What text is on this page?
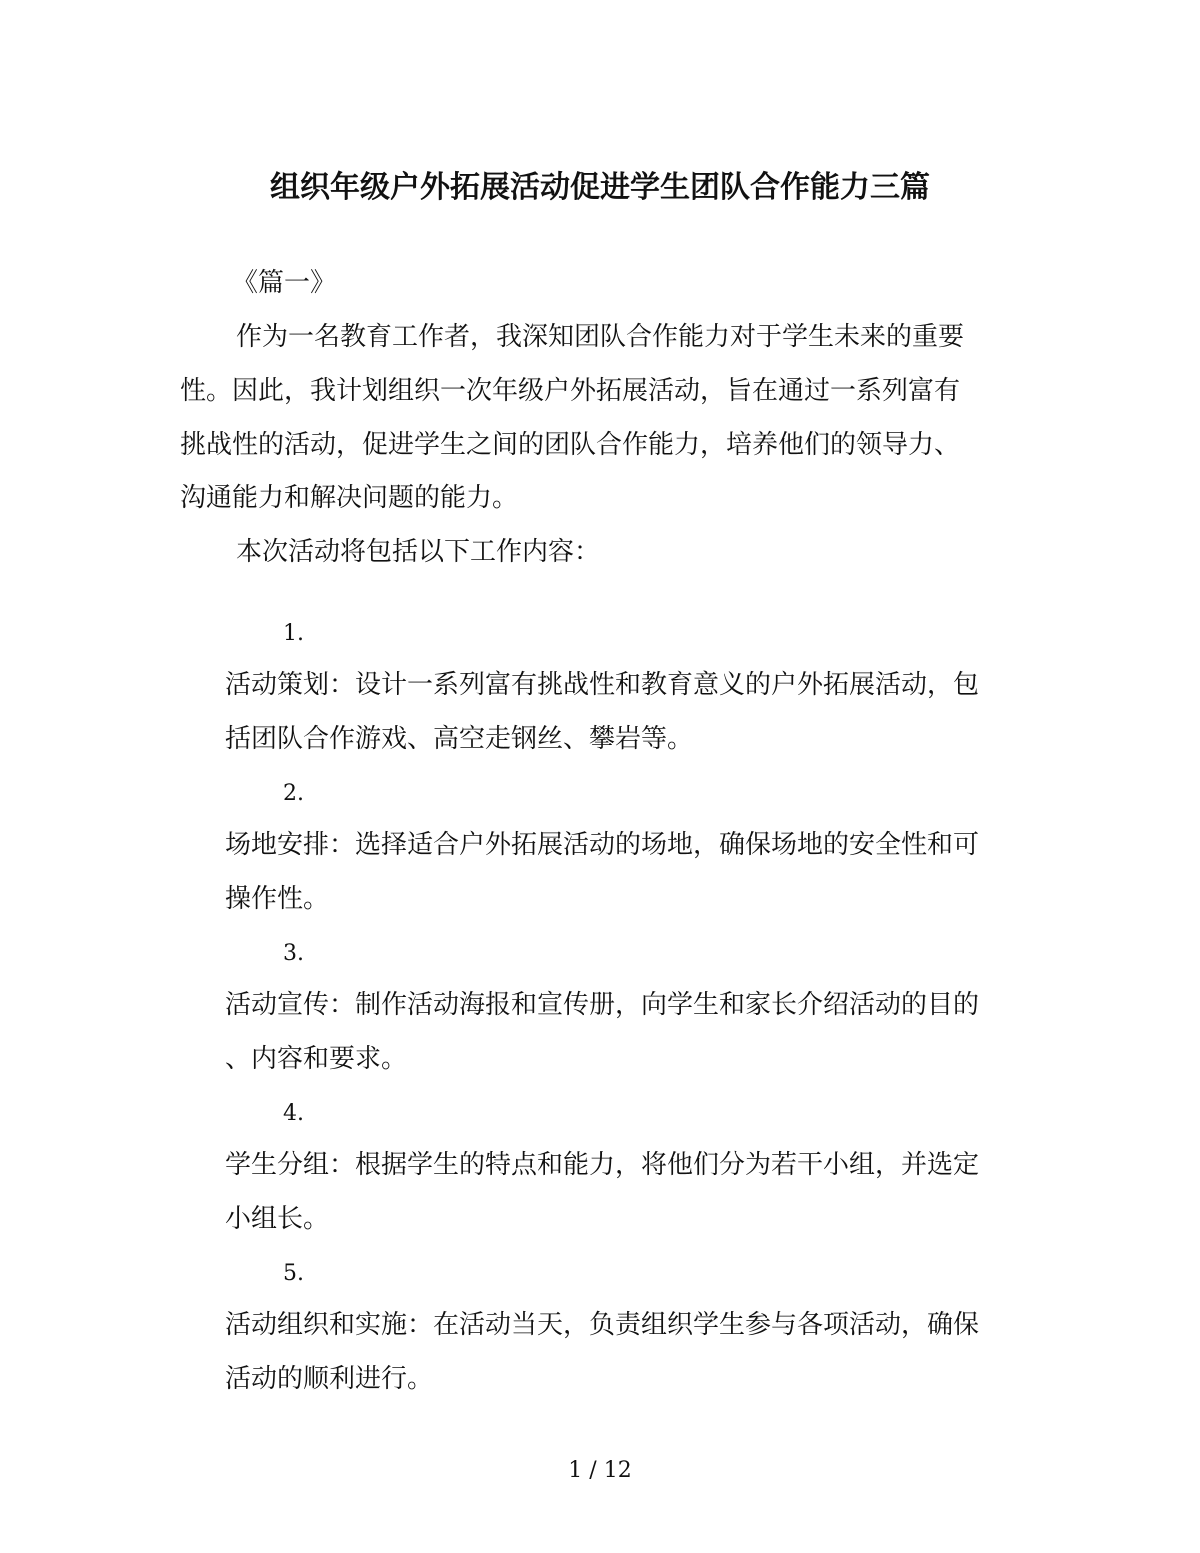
组织年级户外拓展活动促进学生团队合作能力三篇
《篇一》
作为一名教育工作者，我深知团队合作能力对于学生未来的重要
性。因此，我计划组织一次年级户外拓展活动，旨在通过一系列富有
挑战性的活动，促进学生之间的团队合作能力，培养他们的领导力、
沟通能力和解决问题的能力。
本次活动将包括以下工作内容：
1.
活动策划：设计一系列富有挑战性和教育意义的户外拓展活动，包
括团队合作游戏、高空走钢丝、攀岩等。
2.
场地安排：选择适合户外拓展活动的场地，确保场地的安全性和可
操作性。
3.
活动宣传：制作活动海报和宣传册，向学生和家长介绍活动的目的
、内容和要求。
4.
学生分组：根据学生的特点和能力，将他们分为若干小组，并选定
小组长。
5.
活动组织和实施：在活动当天，负责组织学生参与各项活动，确保
活动的顺利进行。
1 / 12
